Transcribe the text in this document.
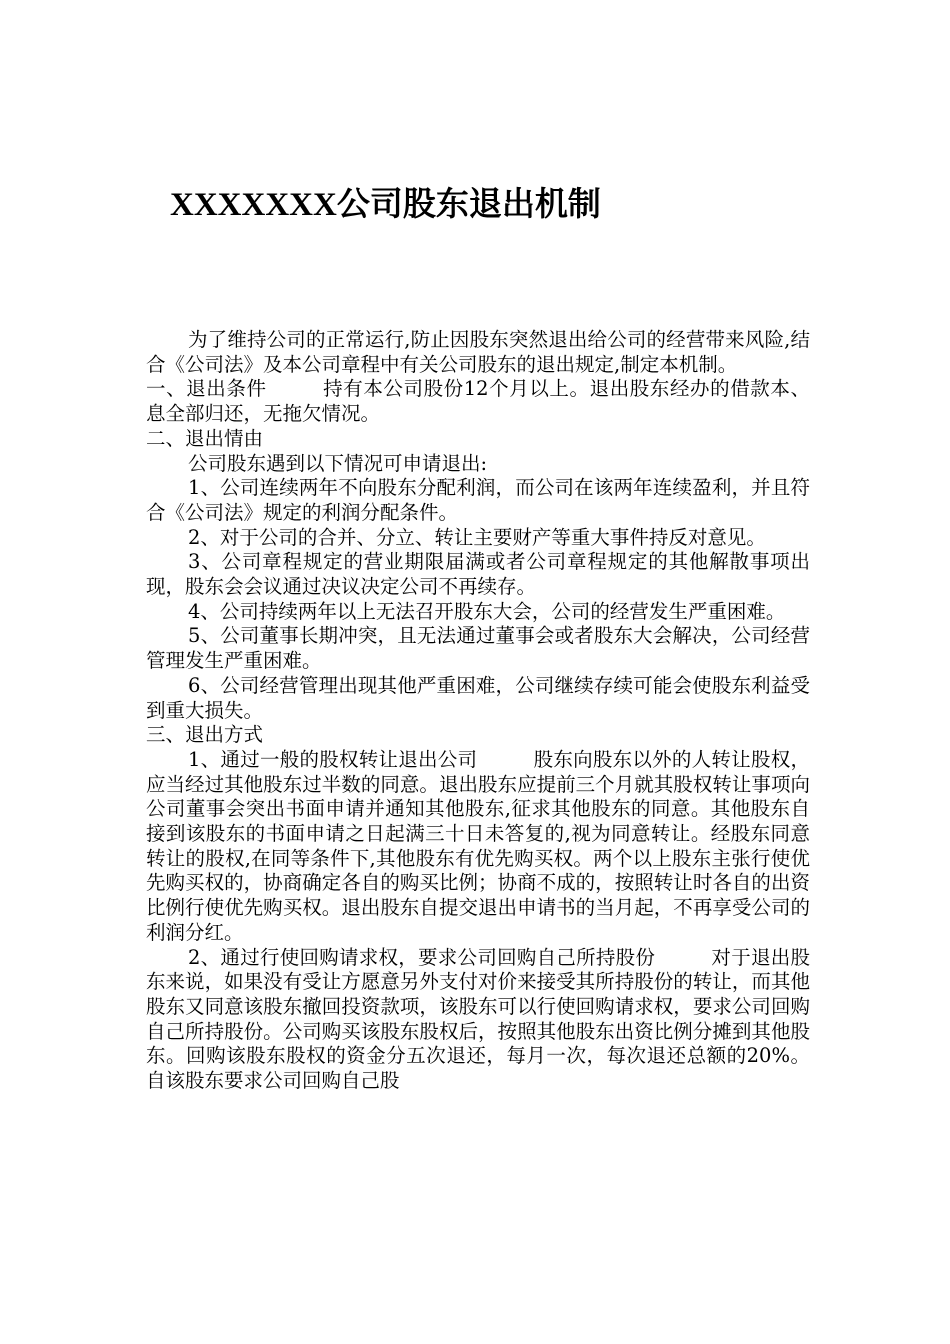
XXXXXXX公司股东退出机制

为了维持公司的正常运行,防止因股东突然退出给公司的经营带来风险,结合《公司法》及本公司章程中有关公司股东的退出规定,制定本机制。

一、退出条件	持有本公司股份12个月以上。退出股东经办的借款本、息全部归还，无拖欠情况。

二、退出情由

公司股东遇到以下情况可申请退出:

1、公司连续两年不向股东分配利润，而公司在该两年连续盈利，并且符合《公司法》规定的利润分配条件。

2、对于公司的合并、分立、转让主要财产等重大事件持反对意见。

3、公司章程规定的营业期限届满或者公司章程规定的其他解散事项出现，股东会会议通过决议决定公司不再续存。

4、公司持续两年以上无法召开股东大会，公司的经营发生严重困难。

5、公司董事长期冲突，且无法通过董事会或者股东大会解决，公司经营管理发生严重困难。

6、公司经营管理出现其他严重困难，公司继续存续可能会使股东利益受到重大损失。

三、退出方式

1、通过一般的股权转让退出公司	股东向股东以外的人转让股权，应当经过其他股东过半数的同意。退出股东应提前三个月就其股权转让事项向公司董事会突出书面申请并通知其他股东,征求其他股东的同意。其他股东自接到该股东的书面申请之日起满三十日未答复的,视为同意转让。经股东同意转让的股权,在同等条件下,其他股东有优先购买权。两个以上股东主张行使优先购买权的，协商确定各自的购买比例；协商不成的，按照转让时各自的出资比例行使优先购买权。退出股东自提交退出申请书的当月起，不再享受公司的利润分红。

2、通过行使回购请求权，要求公司回购自己所持股份	对于退出股东来说，如果没有受让方愿意另外支付对价来接受其所持股份的转让，而其他股东又同意该股东撤回投资款项，该股东可以行使回购请求权，要求公司回购自己所持股份。公司购买该股东股权后，按照其他股东出资比例分摊到其他股东。回购该股东股权的资金分五次退还，每月一次，每次退还总额的20%。自该股东要求公司回购自己股
